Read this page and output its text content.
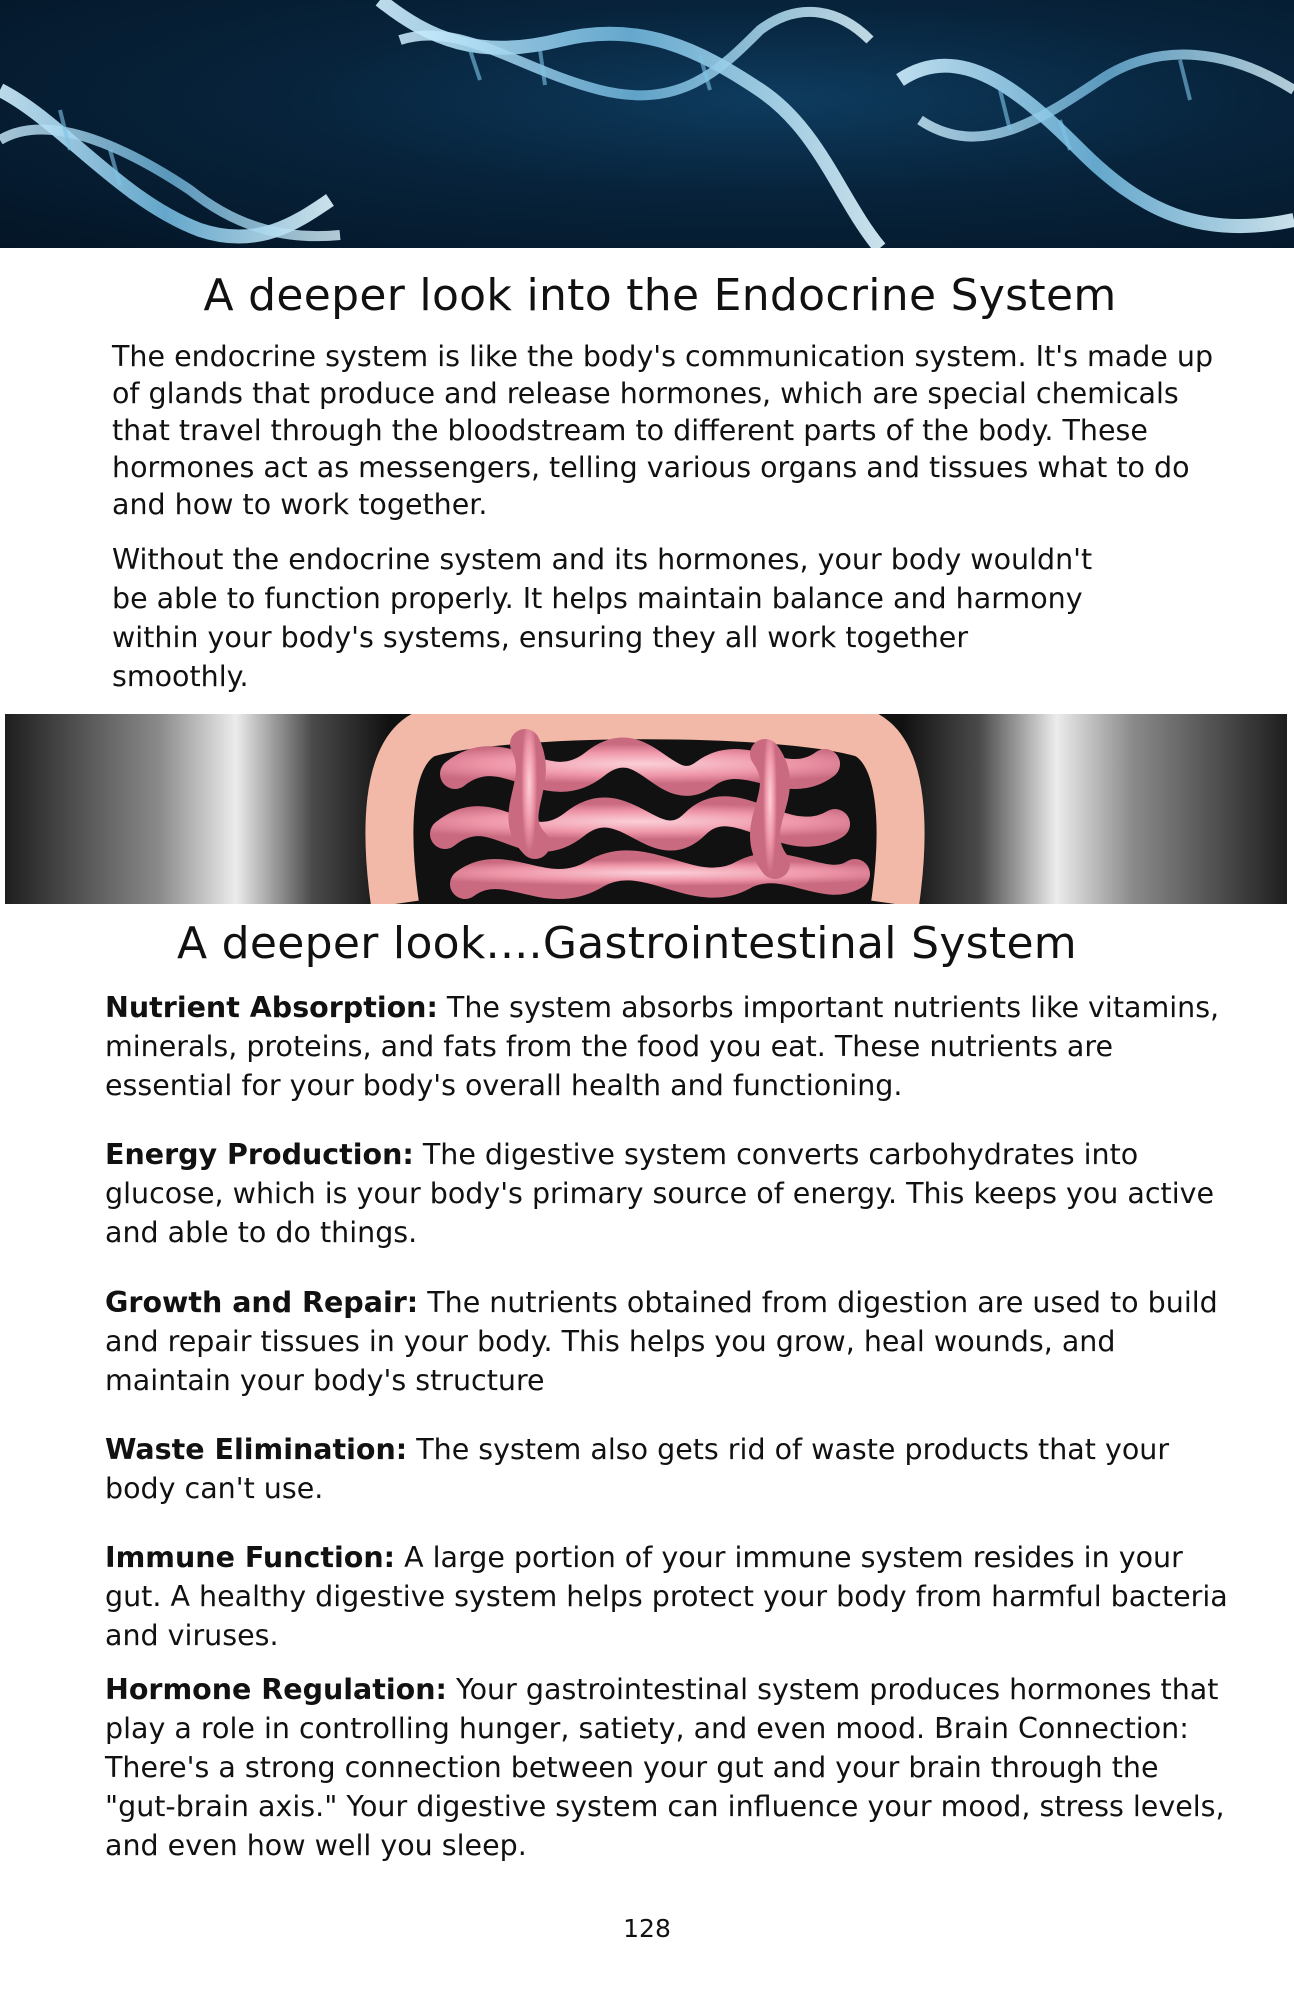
A deeper look into the Endocrine System

The endocrine system is like the body's communication system. It's made up of glands that produce and release hormones, which are special chemicals that travel through the bloodstream to different parts of the body. These hormones act as messengers, telling various organs and tissues what to do and how to work together.

Without the endocrine system and its hormones, your body wouldn't be able to function properly. It helps maintain balance and harmony within your body's systems, ensuring they all work together smoothly.

A deeper look....Gastrointestinal System

Nutrient Absorption: The system absorbs important nutrients like vitamins, minerals, proteins, and fats from the food you eat. These nutrients are essential for your body's overall health and functioning.

Energy Production: The digestive system converts carbohydrates into glucose, which is your body's primary source of energy. This keeps you active and able to do things.

Growth and Repair: The nutrients obtained from digestion are used to build and repair tissues in your body. This helps you grow, heal wounds, and maintain your body's structure

Waste Elimination: The system also gets rid of waste products that your body can't use.

Immune Function: A large portion of your immune system resides in your gut. A healthy digestive system helps protect your body from harmful bacteria and viruses.

Hormone Regulation: Your gastrointestinal system produces hormones that play a role in controlling hunger, satiety, and even mood. Brain Connection: There's a strong connection between your gut and your brain through the "gut-brain axis." Your digestive system can influence your mood, stress levels, and even how well you sleep.

128
